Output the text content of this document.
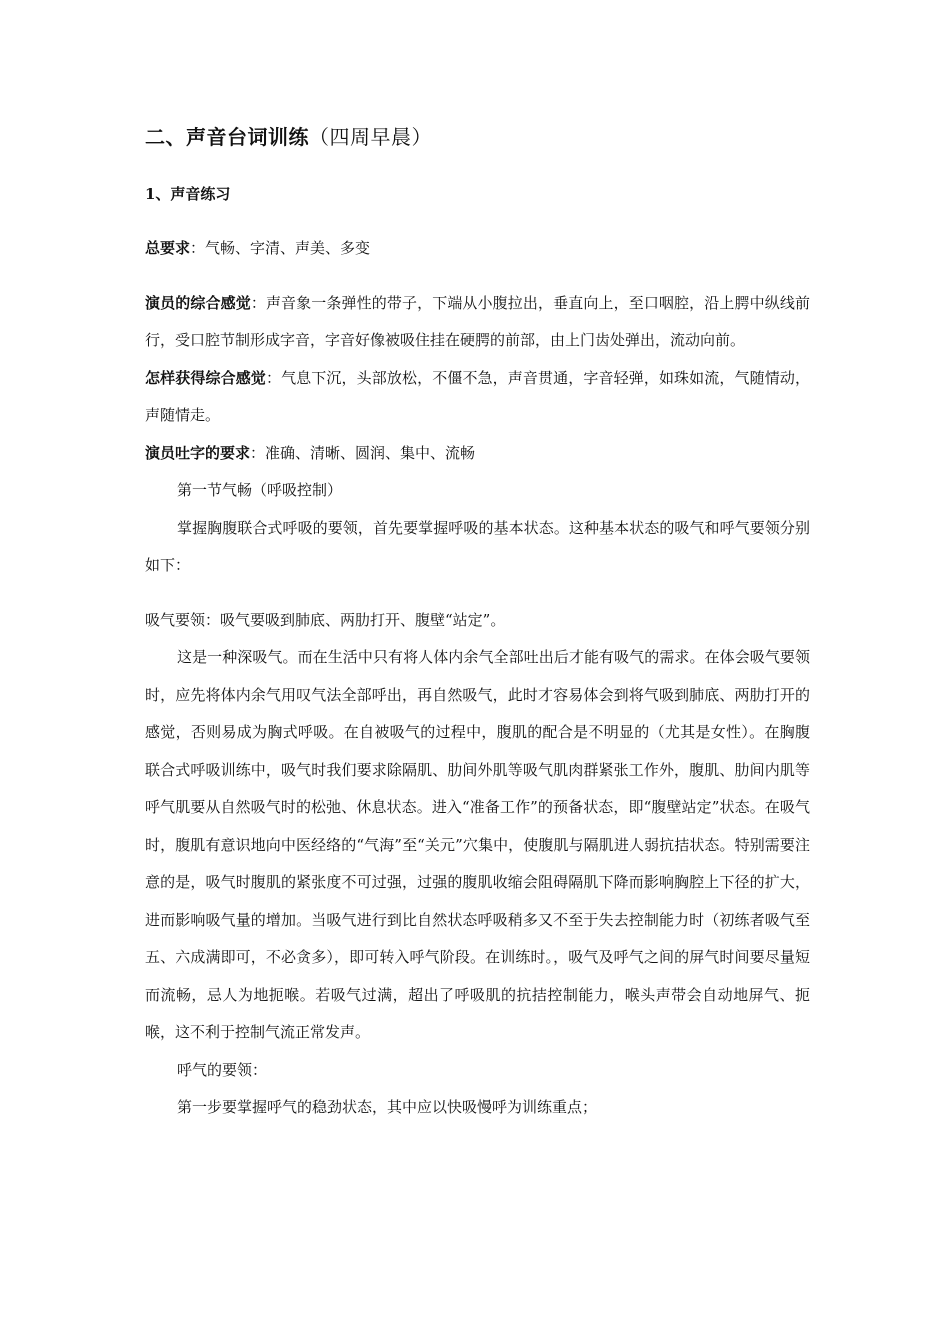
二、声音台词训练（四周早晨）
1、声音练习

总要求：气畅、字清、声美、多变

演员的综合感觉：声音象一条弹性的带子，下端从小腹拉出，垂直向上，至口咽腔，沿上腭中纵线前行，受口腔节制形成字音，字音好像被吸住挂在硬腭的前部，由上门齿处弹出，流动向前。

怎样获得综合感觉：气息下沉，头部放松，不僵不急，声音贯通，字音轻弹，如珠如流，气随情动，声随情走。

演员吐字的要求：准确、清晰、圆润、集中、流畅

第一节气畅（呼吸控制）

掌握胸腹联合式呼吸的要领，首先要掌握呼吸的基本状态。这种基本状态的吸气和呼气要领分别如下：

吸气要领：吸气要吸到肺底、两肋打开、腹壁“站定”。

这是一种深吸气。而在生活中只有将人体内余气全部吐出后才能有吸气的需求。在体会吸气要领时，应先将体内余气用叹气法全部呼出，再自然吸气，此时才容易体会到将气吸到肺底、两肋打开的感觉，否则易成为胸式呼吸。在自被吸气的过程中，腹肌的配合是不明显的（尤其是女性）。在胸腹联合式呼吸训练中，吸气时我们要求除隔肌、肋间外肌等吸气肌肉群紧张工作外，腹肌、肋间内肌等呼气肌要从自然吸气时的松弛、休息状态。进入“准备工作”的预备状态，即“腹壁站定”状态。在吸气时，腹肌有意识地向中医经络的“气海”至“关元”穴集中，使腹肌与隔肌进人弱抗拮状态。特别需要注意的是，吸气时腹肌的紧张度不可过强，过强的腹肌收缩会阻碍隔肌下降而影响胸腔上下径的扩大，进而影响吸气量的增加。当吸气进行到比自然状态呼吸稍多又不至于失去控制能力时（初练者吸气至五、六成满即可，不必贪多），即可转入呼气阶段。在训练时。，吸气及呼气之间的屏气时间要尽量短而流畅，忌人为地扼喉。若吸气过满，超出了呼吸肌的抗拮控制能力，喉头声带会自动地屏气、扼喉，这不利于控制气流正常发声。

呼气的要领：

第一步要掌握呼气的稳劲状态，其中应以快吸慢呼为训练重点；
